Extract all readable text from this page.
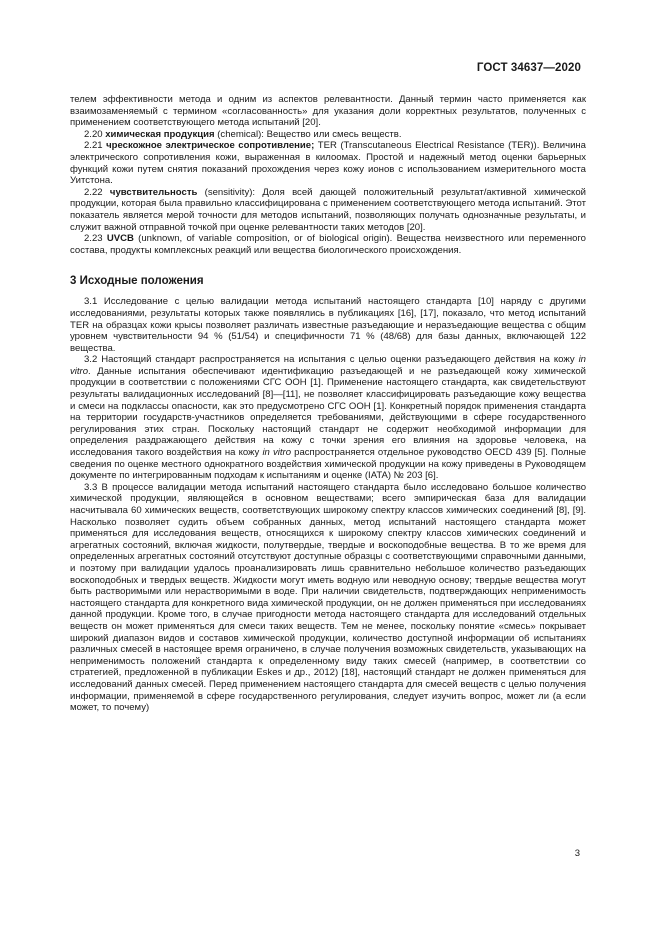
ГОСТ 34637—2020

телем эффективности метода и одним из аспектов релевантности. Данный термин часто применяется как взаимозаменяемый с термином «согласованность» для указания доли корректных результатов, полученных с применением соответствующего метода испытаний [20].

2.20 химическая продукция (chemical): Вещество или смесь веществ.

2.21 чрескожное электрическое сопротивление; TER (Transcutaneous Electrical Resistance (TER)). Величина электрического сопротивления кожи, выраженная в килоомах. Простой и надежный метод оценки барьерных функций кожи путем снятия показаний прохождения через кожу ионов с использованием измерительного моста Уитстона.

2.22 чувствительность (sensitivity): Доля всей дающей положительный результат/активной химической продукции, которая была правильно классифицирована с применением соответствующего метода испытаний. Этот показатель является мерой точности для методов испытаний, позволяющих получать однозначные результаты, и служит важной отправной точкой при оценке релевантности таких методов [20].

2.23 UVCB (unknown, of variable composition, or of biological origin). Вещества неизвестного или переменного состава, продукты комплексных реакций или вещества биологического происхождения.

3 Исходные положения

3.1 Исследование с целью валидации метода испытаний настоящего стандарта [10] наряду с другими исследованиями, результаты которых также появлялись в публикациях [16], [17], показало, что метод испытаний TER на образцах кожи крысы позволяет различать известные разъедающие и неразъедающие вещества с общим уровнем чувствительности 94 % (51/54) и специфичности 71 % (48/68) для базы данных, включающей 122 вещества.

3.2 Настоящий стандарт распространяется на испытания с целью оценки разъедающего действия на кожу in vitro. Данные испытания обеспечивают идентификацию разъедающей и не разъедающей кожу химической продукции в соответствии с положениями СГС ООН [1]. Применение настоящего стандарта, как свидетельствуют результаты валидационных исследований [8]—[11], не позволяет классифицировать разъедающие кожу вещества и смеси на подклассы опасности, как это предусмотрено СГС ООН [1]. Конкретный порядок применения стандарта на территории государств-участников определяется требованиями, действующими в сфере государственного регулирования этих стран. Поскольку настоящий стандарт не содержит необходимой информации для определения раздражающего действия на кожу с точки зрения его влияния на здоровье человека, на исследования такого воздействия на кожу in vitro распространяется отдельное руководство OECD 439 [5]. Полные сведения по оценке местного однократного воздействия химической продукции на кожу приведены в Руководящем документе по интегрированным подходам к испытаниям и оценке (IATA) № 203 [6].

3.3 В процессе валидации метода испытаний настоящего стандарта было исследовано большое количество химической продукции, являющейся в основном веществами; всего эмпирическая база для валидации насчитывала 60 химических веществ, соответствующих широкому спектру классов химических соединений [8], [9]. Насколько позволяет судить объем собранных данных, метод испытаний настоящего стандарта может применяться для исследования веществ, относящихся к широкому спектру классов химических соединений и агрегатных состояний, включая жидкости, полутвердые, твердые и воскоподобные вещества. В то же время для определенных агрегатных состояний отсутствуют доступные образцы с соответствующими справочными данными, и поэтому при валидации удалось проанализировать лишь сравнительно небольшое количество разъедающих воскоподобных и твердых веществ. Жидкости могут иметь водную или неводную основу; твердые вещества могут быть растворимыми или нерастворимыми в воде. При наличии свидетельств, подтверждающих неприменимость настоящего стандарта для конкретного вида химической продукции, он не должен применяться при исследованиях данной продукции. Кроме того, в случае пригодности метода настоящего стандарта для исследований отдельных веществ он может применяться для смеси таких веществ. Тем не менее, поскольку понятие «смесь» покрывает широкий диапазон видов и составов химической продукции, количество доступной информации об испытаниях различных смесей в настоящее время ограничено, в случае получения возможных свидетельств, указывающих на неприменимость положений стандарта к определенному виду таких смесей (например, в соответствии со стратегией, предложенной в публикации Eskes и др., 2012) [18], настоящий стандарт не должен применяться для исследований данных смесей. Перед применением настоящего стандарта для смесей веществ с целью получения информации, применяемой в сфере государственного регулирования, следует изучить вопрос, может ли (а если может, то почему)

3
